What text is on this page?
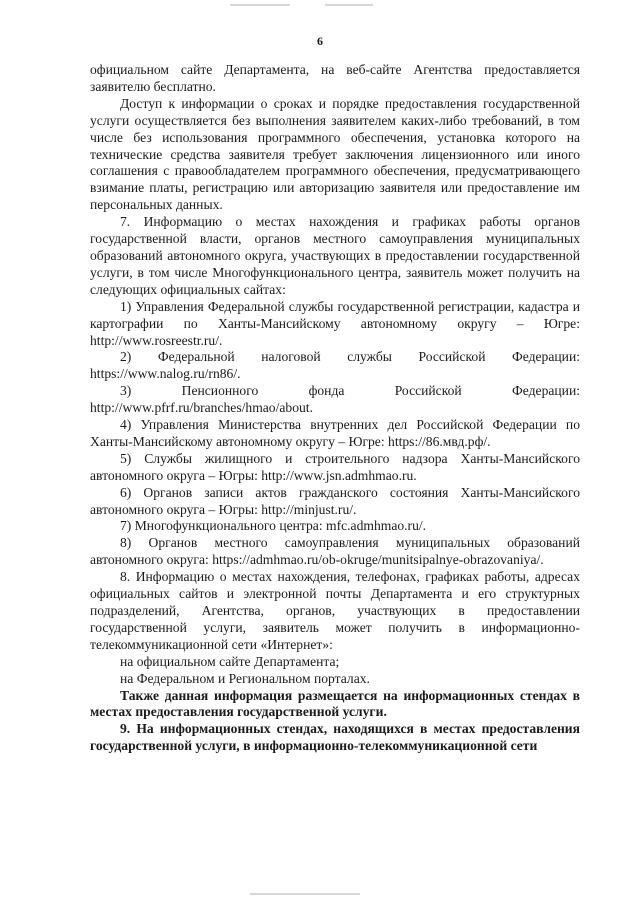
6

официальном сайте Департамента, на веб-сайте Агентства предоставляется заявителю бесплатно.

Доступ к информации о сроках и порядке предоставления государственной услуги осуществляется без выполнения заявителем каких-либо требований, в том числе без использования программного обеспечения, установка которого на технические средства заявителя требует заключения лицензионного или иного соглашения с правообладателем программного обеспечения, предусматривающего взимание платы, регистрацию или авторизацию заявителя или предоставление им персональных данных.

7. Информацию о местах нахождения и графиках работы органов государственной власти, органов местного самоуправления муниципальных образований автономного округа, участвующих в предоставлении государственной услуги, в том числе Многофункционального центра, заявитель может получить на следующих официальных сайтах:

1) Управления Федеральной службы государственной регистрации, кадастра и картографии по Ханты-Мансийскому автономному округу – Югре: http://www.rosreestr.ru/.

2) Федеральной налоговой службы Российской Федерации: https://www.nalog.ru/rn86/.

3) Пенсионного фонда Российской Федерации: http://www.pfrf.ru/branches/hmao/about.

4) Управления Министерства внутренних дел Российской Федерации по Ханты-Мансийскому автономному округу – Югре: https://86.мвд.рф/.

5) Службы жилищного и строительного надзора Ханты-Мансийского автономного округа – Югры: http://www.jsn.admhmao.ru.

6) Органов записи актов гражданского состояния Ханты-Мансийского автономного округа – Югры: http://minjust.ru/.

7) Многофункционального центра: mfc.admhmao.ru/.

8) Органов местного самоуправления муниципальных образований автономного округа: https://admhmao.ru/ob-okruge/munitsipalnye-obrazovaniya/.

8. Информацию о местах нахождения, телефонах, графиках работы, адресах официальных сайтов и электронной почты Департамента и его структурных подразделений, Агентства, органов, участвующих в предоставлении государственной услуги, заявитель может получить в информационно-телекоммуникационной сети «Интернет»:

на официальном сайте Департамента;

на Федеральном и Региональном порталах.

Также данная информация размещается на информационных стендах в местах предоставления государственной услуги.

9. На информационных стендах, находящихся в местах предоставления государственной услуги, в информационно-телекоммуникационной сети
